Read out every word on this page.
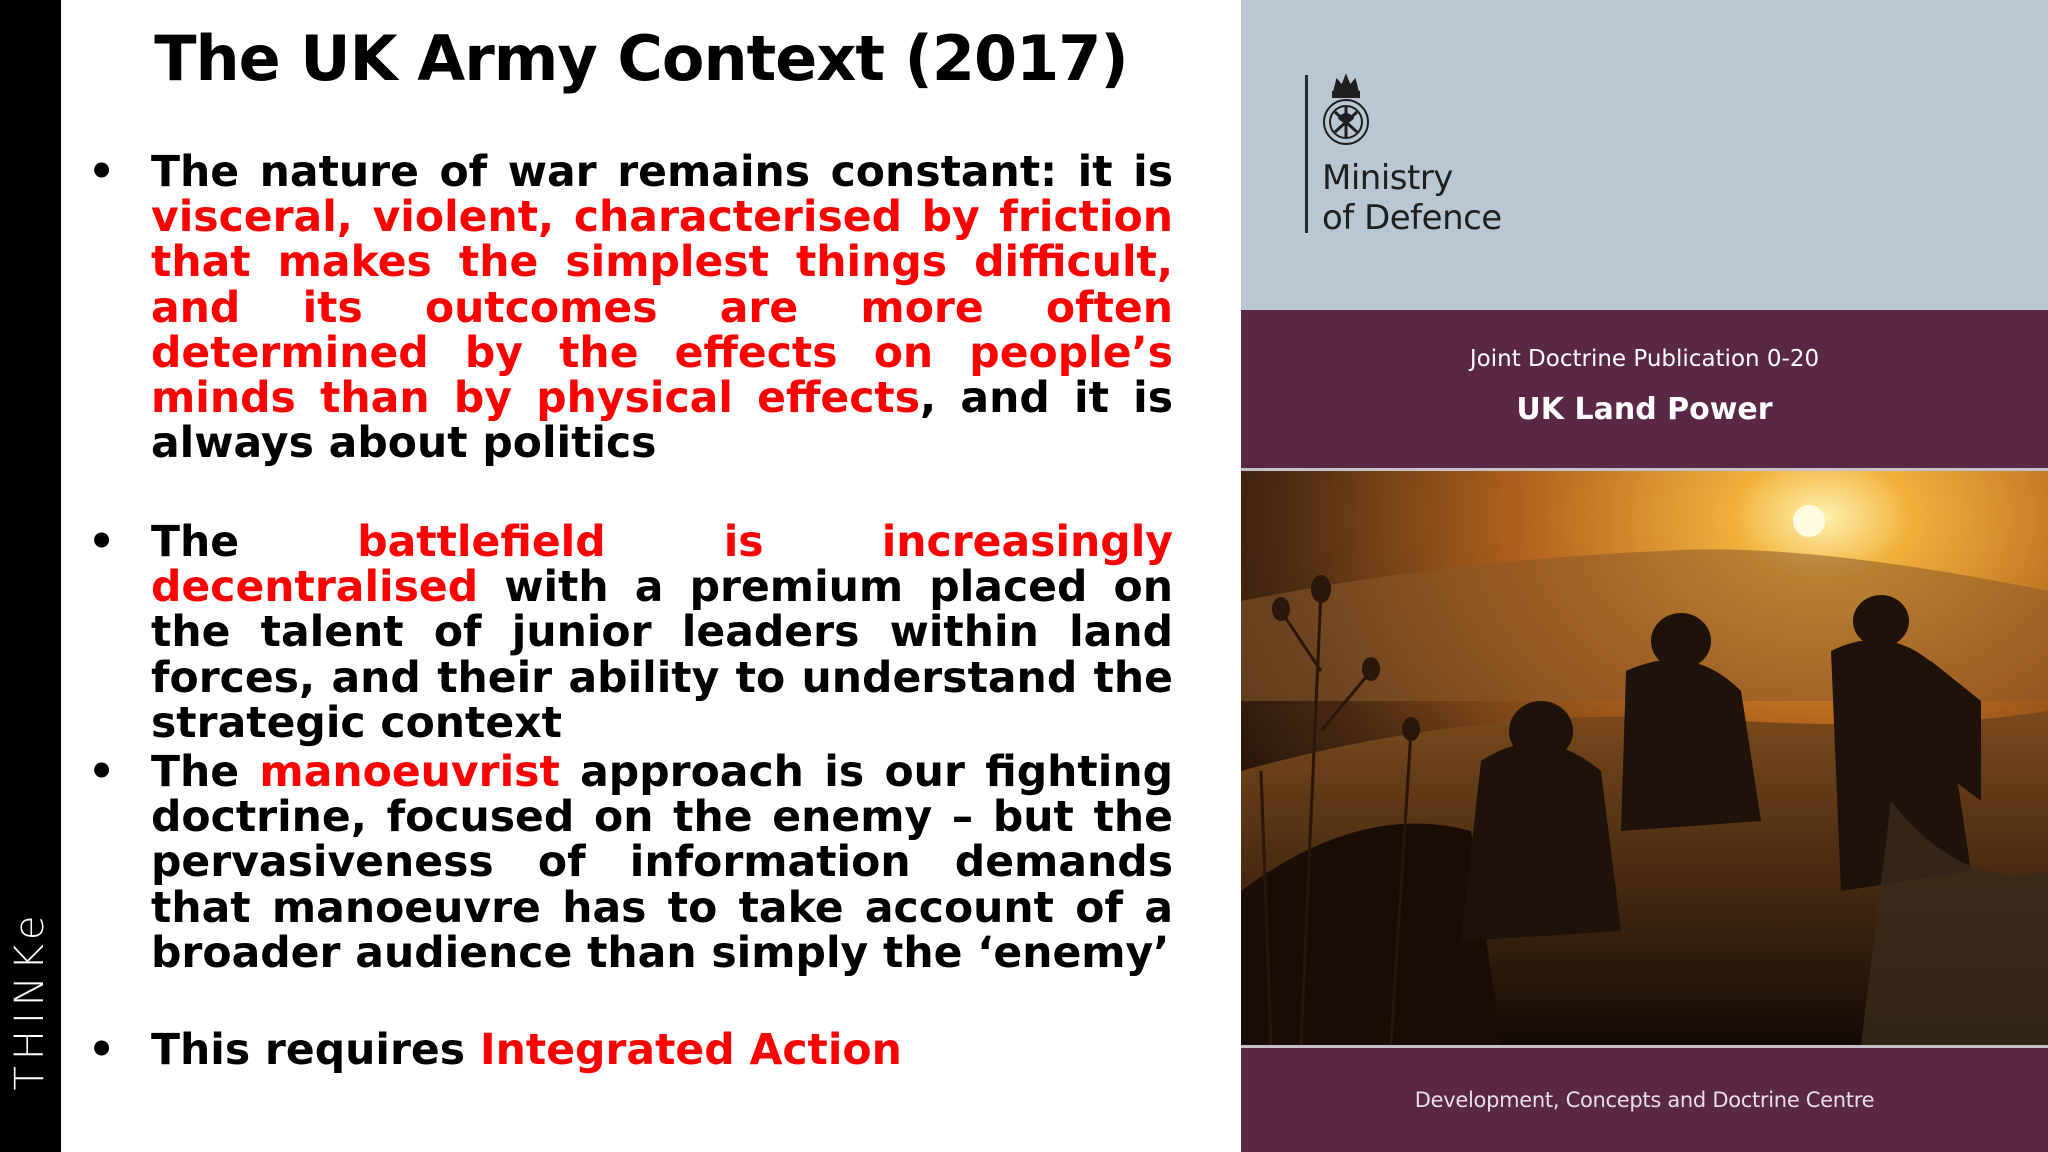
THINKe
The UK Army Context (2017)
• The nature of war remains constant: it is visceral, violent, characterised by friction that makes the simplest things difficult, and its outcomes are more often determined by the effects on people’s minds than by physical effects, and it is always about politics
• The battlefield is increasingly decentralised with a premium placed on the talent of junior leaders within land forces, and their ability to understand the strategic context
• The manoeuvrist approach is our fighting doctrine, focused on the enemy – but the pervasiveness of information demands that manoeuvre has to take account of a broader audience than simply the ‘enemy’
• This requires Integrated Action
Ministry
of Defence
Joint Doctrine Publication 0-20
UK Land Power
Development, Concepts and Doctrine Centre
